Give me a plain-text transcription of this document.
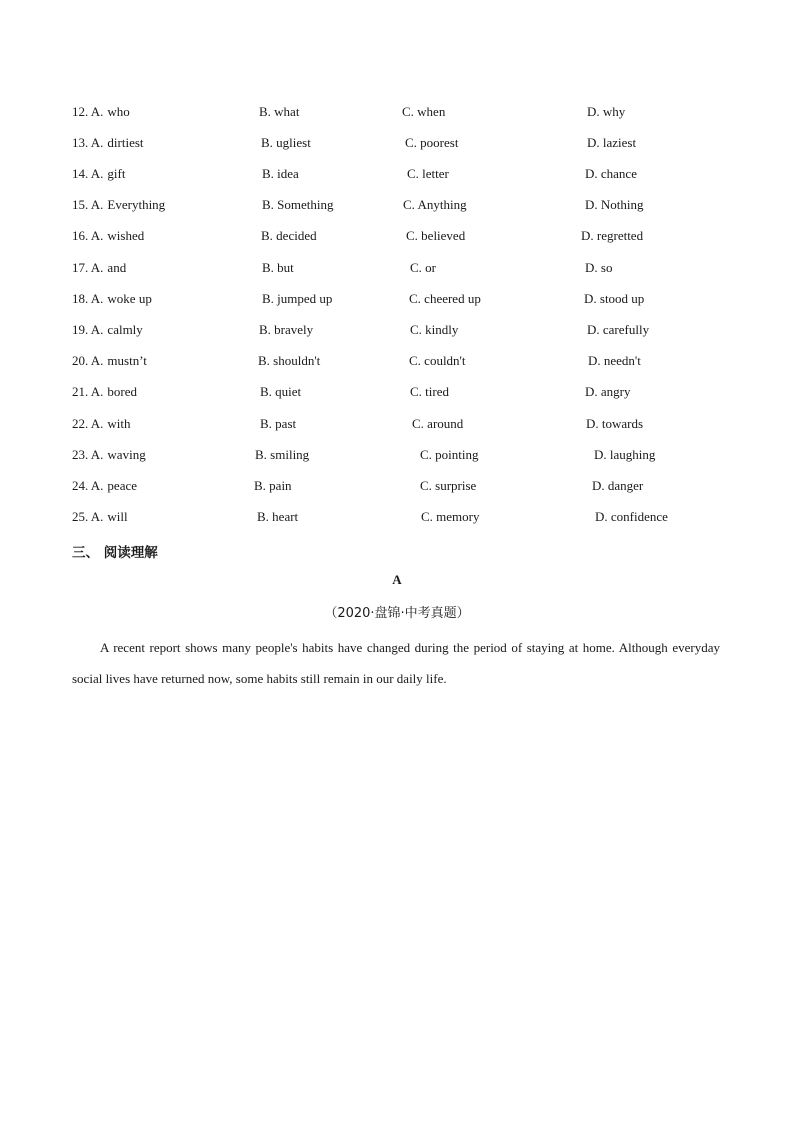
12. A. who	B. what	C. when	D. why
13. A. dirtiest	B. ugliest	C. poorest	D. laziest
14. A. gift	B. idea	C. letter	D. chance
15. A. Everything	B. Something	C. Anything	D. Nothing
16. A. wished	B. decided	C. believed	D. regretted
17. A. and	B. but	C. or	D. so
18. A. woke up	B. jumped up	C. cheered up	D. stood up
19. A. calmly	B. bravely	C. kindly	D. carefully
20. A. mustn’t	B. shouldn't	C. couldn't	D. needn't
21. A. bored	B. quiet	C. tired	D. angry
22. A. with	B. past	C. around	D. towards
23. A. waving	B. smiling	C. pointing	D. laughing
24. A. peace	B. pain	C. surprise	D. danger
25. A. will	B. heart	C. memory	D. confidence
三、 阅读理解
A
（2020·盘锦·中考真题）
A recent report shows many people's habits have changed during the period of staying at home. Although everyday social lives have returned now, some habits still remain in our daily life.
